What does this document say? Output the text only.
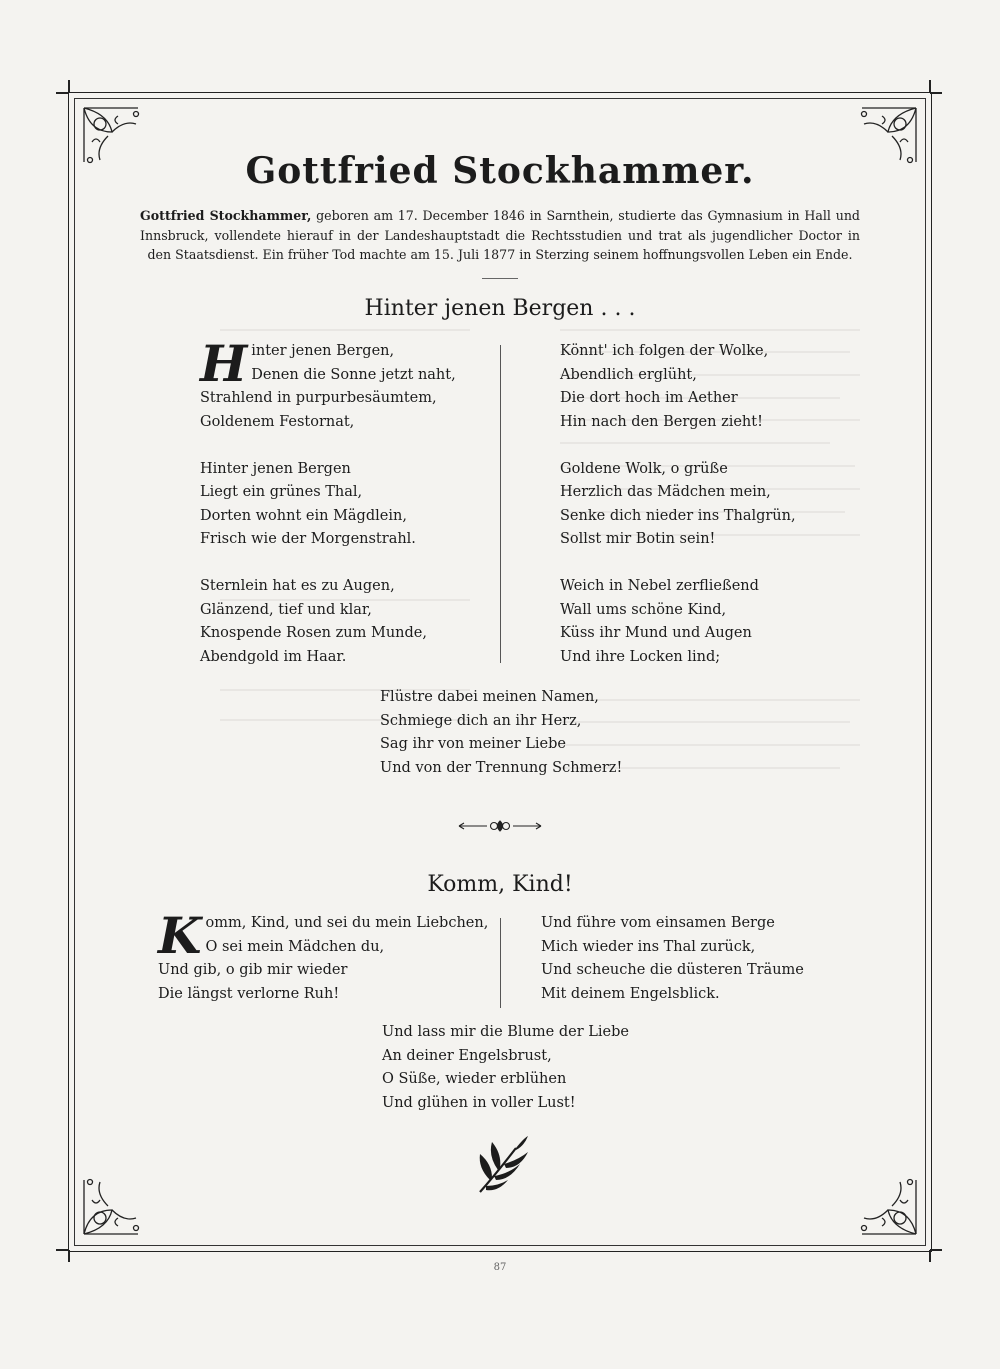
Gottfried Stockhammer.
Gottfried Stockhammer, geboren am 17. December 1846 in Sarnthein, studierte das Gymnasium in Hall und Innsbruck, vollendete hierauf in der Landeshauptstadt die Rechtsstudien und trat als jugendlicher Doctor in den Staatsdienst. Ein früher Tod machte am 15. Juli 1877 in Sterzing seinem hoffnungsvollen Leben ein Ende.
Hinter jenen Bergen . . .
H inter jenen Bergen,
Denen die Sonne jetzt naht,
Strahlend in purpurbesäumtem,
Goldenem Festornat,
Hinter jenen Bergen
Liegt ein grünes Thal,
Dorten wohnt ein Mägdlein,
Frisch wie der Morgenstrahl.
Sternlein hat es zu Augen,
Glänzend, tief und klar,
Knospende Rosen zum Munde,
Abendgold im Haar.
Könnt' ich folgen der Wolke,
Abendlich erglüht,
Die dort hoch im Aether
Hin nach den Bergen zieht!
Goldene Wolk, o grüße
Herzlich das Mädchen mein,
Senke dich nieder ins Thalgrün,
Sollst mir Botin sein!
Weich in Nebel zerfließend
Wall ums schöne Kind,
Küss ihr Mund und Augen
Und ihre Locken lind;
Flüstre dabei meinen Namen,
Schmiege dich an ihr Herz,
Sag ihr von meiner Liebe
Und von der Trennung Schmerz!
Komm, Kind!
K omm, Kind, und sei du mein Liebchen,
O sei mein Mädchen du,
Und gib, o gib mir wieder
Die längst verlorne Ruh!
Und führe vom einsamen Berge
Mich wieder ins Thal zurück,
Und scheuche die düsteren Träume
Mit deinem Engelsblick.
Und lass mir die Blume der Liebe
An deiner Engelsbrust,
O Süße, wieder erblühen
Und glühen in voller Lust!
87
